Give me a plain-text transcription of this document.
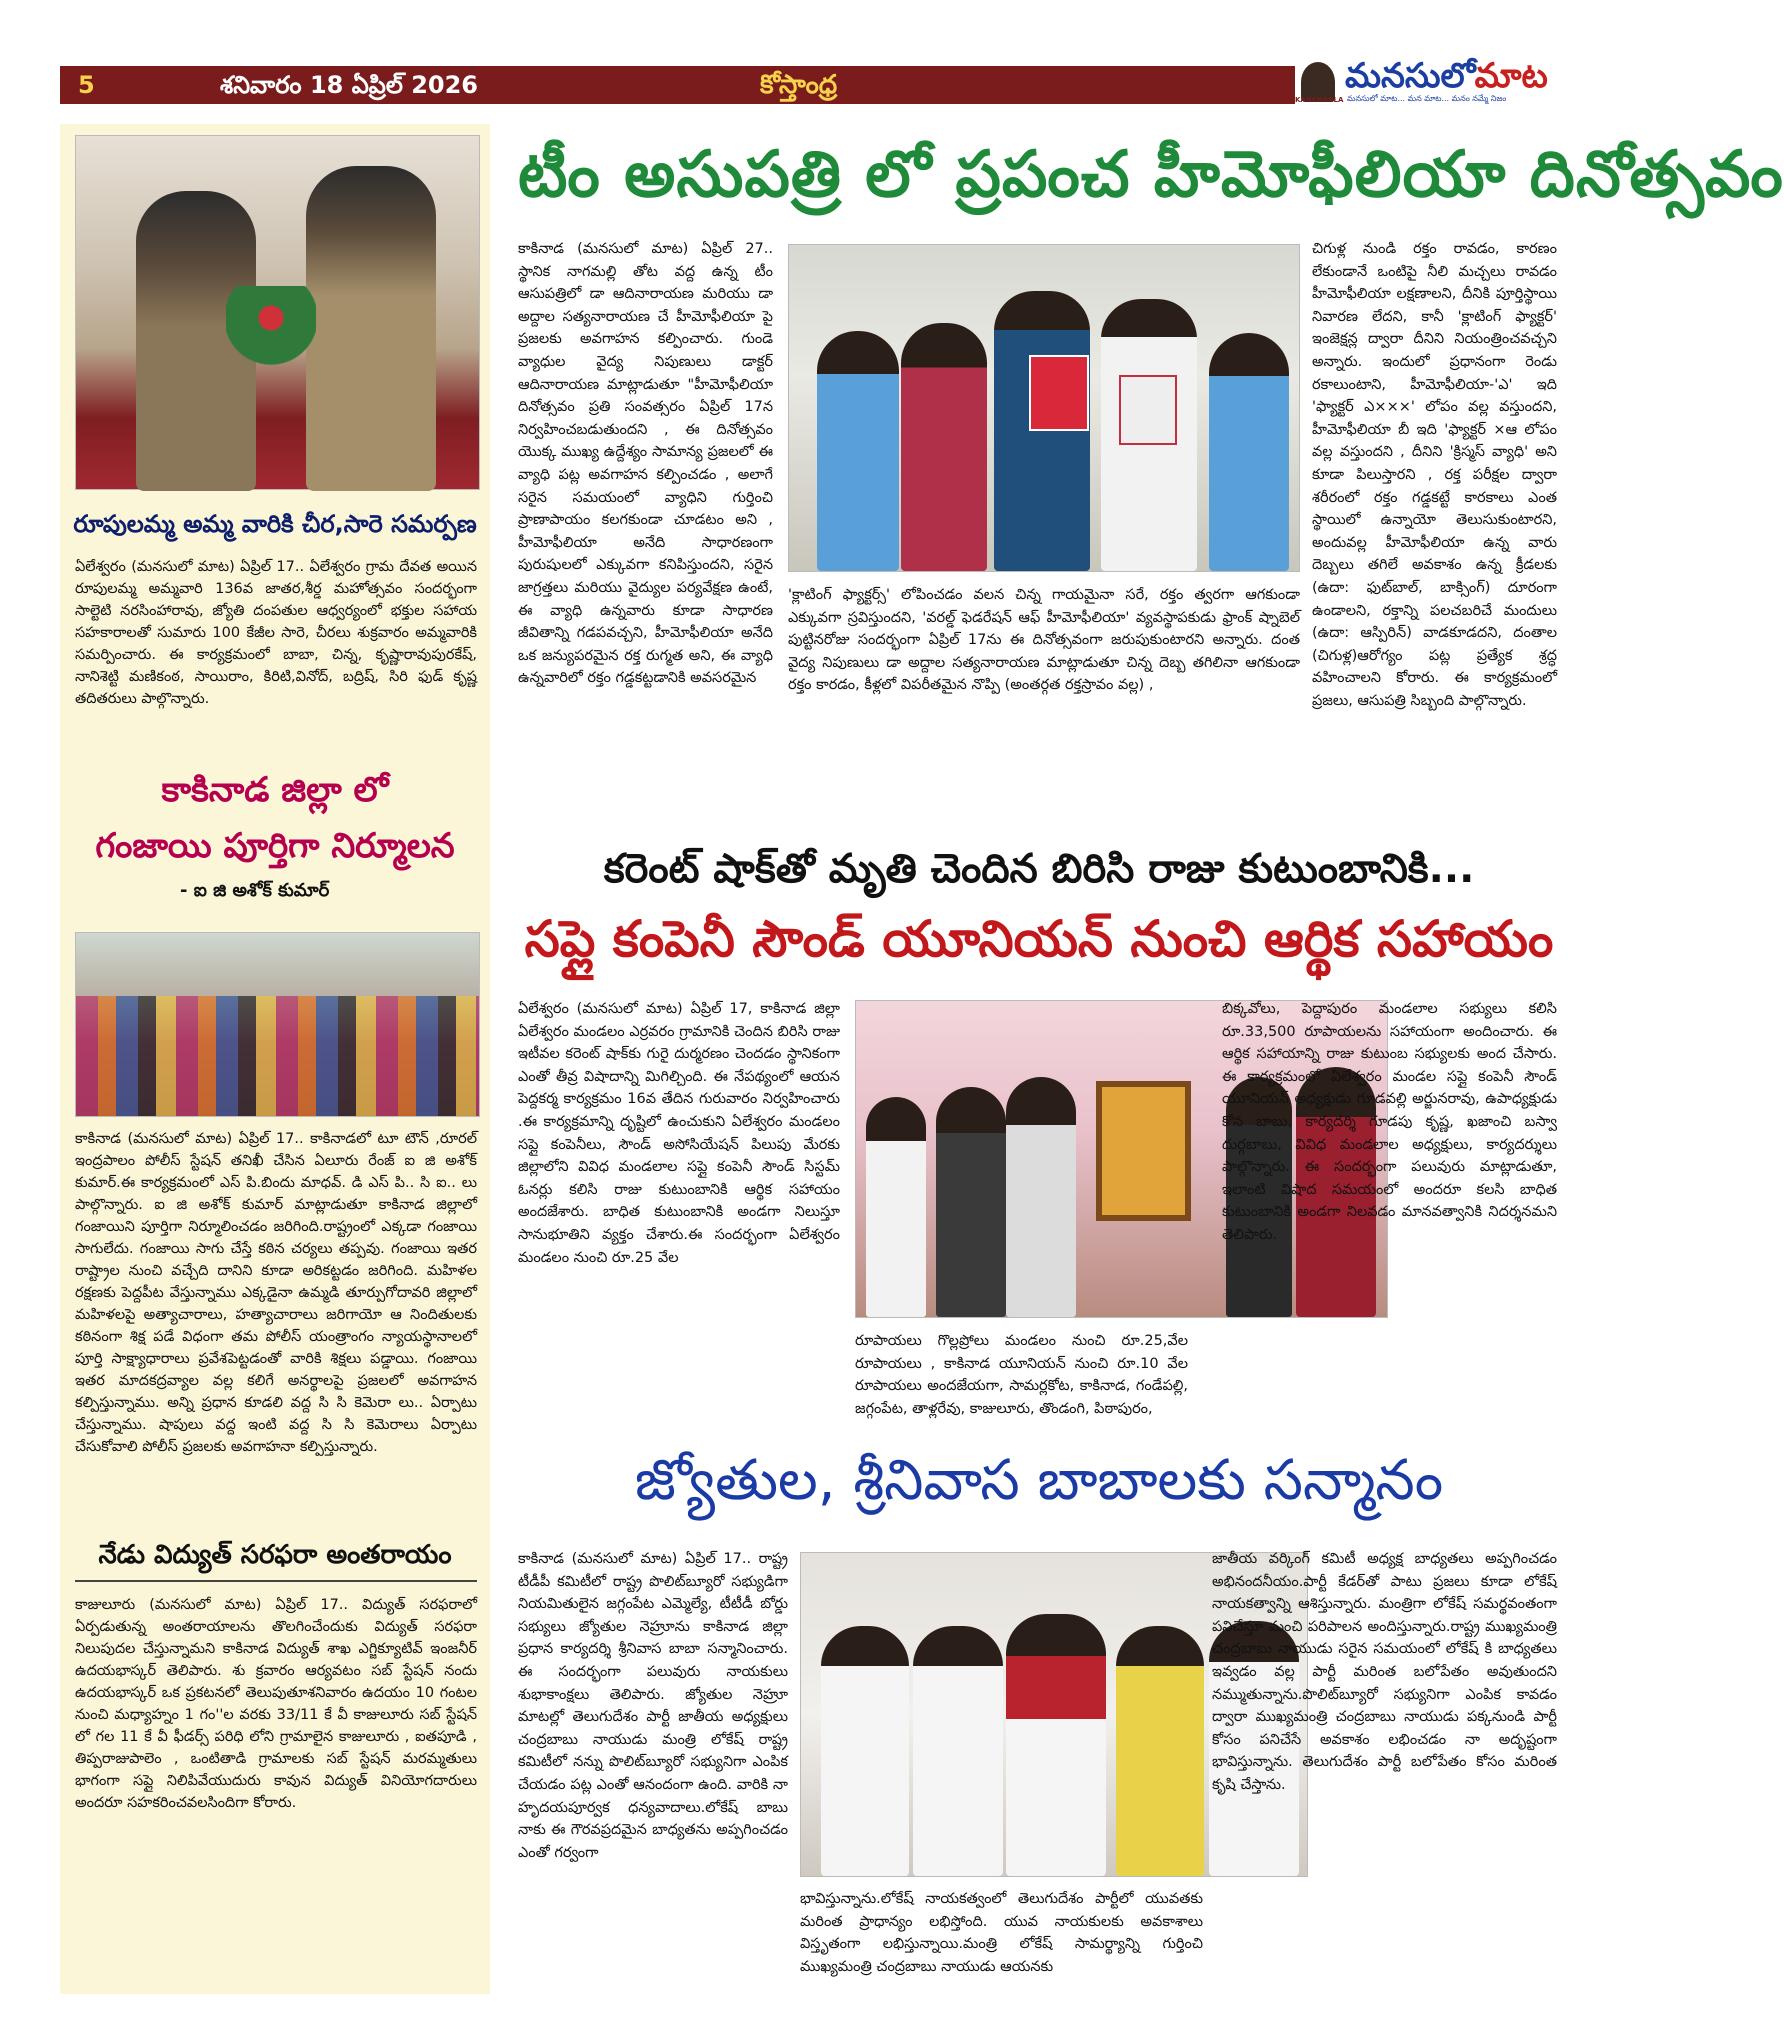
5	శనివారం 18 ఏప్రిల్ 2026	కోస్తాంధ్ర	KANCHARLA
మనసులోమాట
మనసులో మాట... మన మాట... మనం నమ్మే నిజం
రూపులమ్మ అమ్మ వారికి చీర,సారె సమర్పణ
ఏలేశ్వరం (మనసులో మాట) ఏప్రిల్ 17.. ఏలేశ్వరం గ్రామ దేవత అయిన రూపులమ్మ అమ్మవారి 136వ జాతర,శీర్డ మహోత్సవం సందర్భంగా సాల్టెటి నరసింహారావు, జ్యోతి దంపతుల ఆధ్వర్యంలో భక్తుల సహాయ సహకారాలతో సుమారు 100 కేజీల సారె, చీరలు శుక్రవారం అమ్మవారికి సమర్పించారు. ఈ కార్యక్రమంలో బాబా, చిన్న, కృష్ణారావుపురకేష్, నానిశెట్టి మణికంఠ, సాయిరాం, కిరిటి,వినోద్, బద్రిష్, సిరి ఫుడ్ కృష్ణ తదితరులు పాల్గొన్నారు.
కాకినాడ జిల్లా లో
గంజాయి పూర్తిగా నిర్మూలన
- ఐ జి అశోక్ కుమార్
కాకినాడ (మనసులో మాట) ఏప్రిల్ 17.. కాకినాడలో టూ టౌన్ ,రూరల్ ఇంద్రపాలం పోలీస్ స్టేషన్ తనిఖీ చేసిన ఏలూరు రేంజ్ ఐ జి అశోక్ కుమార్.ఈ కార్యక్రమంలో ఎస్ పి.బిందు మాధవ్. డి ఎస్ పి.. సి ఐ.. లు పాల్గొన్నారు. ఐ జి అశోక్ కుమార్ మాట్లాడుతూ కాకినాడ జిల్లాలో గంజాయిని పూర్తిగా నిర్మూలించడం జరిగింది.రాష్ట్రంలో ఎక్కడా గంజాయి సాగులేదు. గంజాయి సాగు చేస్తే కఠిన చర్యలు తప్పవు. గంజాయి ఇతర రాష్ట్రాల నుంచి వచ్చేది దానిని కూడా అరికట్టడం జరిగింది. మహిళల రక్షణకు పెద్దపీట వేస్తున్నాము ఎక్కడైనా ఉమ్మడి తూర్పుగోదావరి జిల్లాలో మహిళలపై అత్యాచారాలు, హత్యాచారాలు జరిగాయో ఆ నిందితులకు కఠినంగా శిక్ష పడే విధంగా తమ పోలీస్ యంత్రాంగం న్యాయస్థానాలలో పూర్తి సాక్ష్యాధారాలు ప్రవేశపెట్టడంతో వారికి శిక్షలు పడ్డాయి. గంజాయి ఇతర మాదకద్రవ్యాల వల్ల కలిగే అనర్థాలపై ప్రజలలో అవగాహన కల్పిస్తున్నాము. అన్ని ప్రధాన కూడలి వద్ద సి సి కెమెరా లు.. ఏర్పాటు చేస్తున్నాము. షాపులు వద్ద ఇంటి వద్ద సి సి కెమెరాలు ఏర్పాటు చేసుకోవాలి పోలీస్ ప్రజలకు అవగాహనా కల్పిస్తున్నారు.
నేడు విద్యుత్ సరఫరా అంతరాయం
కాజులూరు (మనసులో మాట) ఏప్రిల్ 17.. విద్యుత్ సరఫరాలో ఏర్పడుతున్న అంతరాయాలను తొలగించేందుకు విద్యుత్ సరఫరా నిలుపుదల చేస్తున్నామని కాకినాడ విద్యుత్ శాఖ ఎగ్జిక్యూటివ్ ఇంజనీర్ ఉదయభాస్కర్ తెలిపారు. శు క్రవారం ఆర్యవటం సబ్ స్టేషన్ నందు ఉదయభాస్కర్ ఒక ప్రకటనలో తెలుపుతూశనివారం ఉదయం 10 గంటల నుంచి మధ్యాహ్నం 1 గం''ల వరకు 33/11 కే వీ కాజులూరు సబ్ స్టేషన్ లో గల 11 కే వీ ఫీడర్స్ పరిధి లోని గ్రామాలైన కాజులూరు , ఐతపూడి , తిప్పరాజుపాలెం , ఒంటితాడి గ్రామాలకు సబ్ స్టేషన్ మరమ్మతులు భాగంగా సప్లై నిలిపివేయుదురు కావున విద్యుత్ వినియోగదారులు అందరూ సహకరించవలసిందిగా కోరారు.
టీం అసుపత్రి లో ప్రపంచ హీమోఫీలియా దినోత్సవం
కాకినాడ (మనసులో మాట) ఏప్రిల్ 27.. స్థానిక నాగమల్లి తోట వద్ద ఉన్న టీం ఆసుపత్రిలో డా ఆదినారాయణ మరియు డా అద్దాల సత్యనారాయణ చే హీమోఫీలియా పై ప్రజలకు అవగాహన కల్పించారు. గుండె వ్యాధుల వైద్య నిపుణులు డాక్టర్ ఆదినారాయణ మాట్లాడుతూ "హీమోఫీలియా దినోత్సవం ప్రతి సంవత్సరం ఏప్రిల్ 17న నిర్వహించబడుతుందని , ఈ దినోత్సవం యొక్క ముఖ్య ఉద్దేశ్యం సామాన్య ప్రజలలో ఈ వ్యాధి పట్ల అవగాహన కల్పించడం , అలాగే సరైన సమయంలో వ్యాధిని గుర్తించి ప్రాణాపాయం కలగకుండా చూడటం అని , హీమోఫీలియా అనేది సాధారణంగా పురుషులలో ఎక్కువగా కనిపిస్తుందని, సరైన జాగ్రత్తలు మరియు వైద్యుల పర్యవేక్షణ ఉంటే, ఈ వ్యాధి ఉన్నవారు కూడా సాధారణ జీవితాన్ని గడపవచ్చని, హీమోఫీలియా అనేది ఒక జన్యుపరమైన రక్త రుగ్మత అని, ఈ వ్యాధి ఉన్నవారిలో రక్తం గడ్డకట్టడానికి అవసరమైన
'క్లాటింగ్ ఫ్యాక్టర్స్' లోపించడం వలన చిన్న గాయమైనా సరే, రక్తం త్వరగా ఆగకుండా ఎక్కువగా స్రవిస్తుందని, 'వరల్డ్ ఫెడరేషన్ ఆఫ్ హీమోఫీలియా' వ్యవస్థాపకుడు ఫ్రాంక్ ష్నాబెల్ పుట్టినరోజు సందర్భంగా ఏప్రిల్ 17ను ఈ దినోత్సవంగా జరుపుకుంటారని అన్నారు. దంత వైద్య నిపుణులు డా అద్దాల సత్యనారాయణ మాట్లాడుతూ చిన్న దెబ్బ తగిలినా ఆగకుండా రక్తం కారడం, కీళ్లలో విపరీతమైన నొప్పి (అంతర్గత రక్తస్రావం వల్ల) ,
చిగుళ్ల నుండి రక్తం రావడం, కారణం లేకుండానే ఒంటిపై నీలి మచ్చలు రావడం హీమోఫీలియా లక్షణాలని, దీనికి పూర్తిస్థాయి నివారణ లేదని, కానీ 'క్లాటింగ్ ఫ్యాక్టర్' ఇంజెక్షన్ల ద్వారా దీనిని నియంత్రించవచ్చని అన్నారు. ఇందులో ప్రధానంగా రెండు రకాలుంటాని, హీమోఫీలియా-'ఎ' ఇది 'ఫ్యాక్టర్ ఎ×××' లోపం వల్ల వస్తుందని, హీమోఫీలియా బీ ఇది 'ఫ్యాక్టర్ ×ఆ లోపం వల్ల వస్తుందని , దీనిని 'క్రిస్మస్ వ్యాధి' అని కూడా పిలుస్తారని , రక్త పరీక్షల ద్వారా శరీరంలో రక్తం గడ్డకట్టే కారకాలు ఎంత స్థాయిలో ఉన్నాయో తెలుసుకుంటారని, అందువల్ల హీమోఫీలియా ఉన్న వారు దెబ్బలు తగిలే అవకాశం ఉన్న క్రీడలకు (ఉదా: ఫుట్‌బాల్, బాక్సింగ్) దూరంగా ఉండాలని, రక్తాన్ని పలచబరిచే మందులు (ఉదా: ఆస్పిరిన్) వాడకూడదని, దంతాల (చిగుళ్ల)ఆరోగ్యం పట్ల ప్రత్యేక శ్రద్ధ వహించాలని కోరారు. ఈ కార్యక్రమంలో ప్రజలు, ఆసుపత్రి సిబ్బంది పాల్గొన్నారు.
కరెంట్ షాక్‌తో మృతి చెందిన బిరిసి రాజు కుటుంబానికి...
సప్లై కంపెనీ సౌండ్ యూనియన్ నుంచి ఆర్థిక సహాయం
ఏలేశ్వరం (మనసులో మాట) ఏప్రిల్ 17, కాకినాడ జిల్లా ఏలేశ్వరం మండలం ఎర్రవరం గ్రామానికి చెందిన బిరిసి రాజు ఇటీవల కరెంట్ షాక్‌కు గురై దుర్మరణం చెందడం స్థానికంగా ఎంతో తీవ్ర విషాదాన్ని మిగిల్చింది. ఈ నేపథ్యంలో ఆయన పెద్దకర్మ కార్యక్రమం 16వ తేదిన గురువారం నిర్వహించారు .ఈ కార్యక్రమాన్ని దృష్టిలో ఉంచుకుని ఏలేశ్వరం మండలం సప్లై కంపెనీలు, సౌండ్ అసోసియేషన్ పిలుపు మేరకు జిల్లాలోని వివిధ మండలాల సప్లై కంపెనీ సౌండ్ సిస్టమ్ ఓనర్లు కలిసి రాజు కుటుంబానికి ఆర్థిక సహాయం అందజేశారు. బాధిత కుటుంబానికి అండగా నిలుస్తూ సానుభూతిని వ్యక్తం చేశారు.ఈ సందర్భంగా ఏలేశ్వరం మండలం నుంచి రూ.25 వేల
రూపాయలు గొల్లప్రోలు మండలం నుంచి రూ.25,వేల రూపాయలు , కాకినాడ యూనియన్ నుంచి రూ.10 వేల రూపాయలు అందజేయగా, సామర్లకోట, కాకినాడ, గండేపల్లి, జగ్గంపేట, తాళ్లరేవు, కాజులూరు, తొండంగి, పిఠాపురం,
బిక్కవోలు, పెద్దాపురం మండలాల సభ్యులు కలిసి రూ.33,500 రూపాయలను సహాయంగా అందించారు. ఈ ఆర్థిక సహాయాన్ని రాజు కుటుంబ సభ్యులకు అంద చేసారు. ఈ కార్యక్రమంలో ఏలేశ్వరం మండల సప్లై కంపెనీ సౌండ్ యూనియన్ అధ్యక్షుడు గూడవల్లి అర్జునరావు, ఉపాధ్యక్షుడు కోన బాబు, కార్యదర్శి గూడపు కృష్ణ, ఖజాంచి బస్వా దుర్గబాబు, వివిధ మండలాల అధ్యక్షులు, కార్యదర్శులు పాల్గొన్నారు. ఈ సందర్భంగా పలువురు మాట్లాడుతూ, ఇలాంటి విషాద సమయంలో అందరూ కలసి బాధిత కుటుంబానికి అండగా నిలవడం మానవత్వానికి నిదర్శనమని తెలిపారు.
జ్యోతుల, శ్రీనివాస బాబాలకు సన్మానం
కాకినాడ (మనసులో మాట) ఏప్రిల్ 17.. రాష్ట్ర టీడీపీ కమిటీలో రాష్ట్ర పొలిట్‌బ్యూరో సభ్యుడిగా నియమితులైన జగ్గంపేట ఎమ్మెల్యే, టీటీడీ బోర్డు సభ్యులు జ్యోతుల నెహ్రూను కాకినాడ జిల్లా ప్రధాన కార్యదర్శి శ్రీనివాస బాబా సన్మానించారు. ఈ సందర్భంగా పలువురు నాయకులు శుభాకాంక్షలు తెలిపారు. జ్యోతుల నెహ్రూ మాటల్లో తెలుగుదేశం పార్టీ జాతీయ అధ్యక్షులు చంద్రబాబు నాయుడు మంత్రి లోకేష్ రాష్ట్ర కమిటీలో నన్ను పొలిట్‌బ్యూరో సభ్యునిగా ఎంపిక చేయడం పట్ల ఎంతో ఆనందంగా ఉంది. వారికి నా హృదయపూర్వక ధన్యవాదాలు.లోకేష్ బాబు నాకు ఈ గౌరవప్రదమైన బాధ్యతను అప్పగించడం ఎంతో గర్వంగా
భావిస్తున్నాను.లోకేష్ నాయకత్వంలో తెలుగుదేశం పార్టీలో యువతకు మరింత ప్రాధాన్యం లభిస్తోంది. యువ నాయకులకు అవకాశాలు విస్తృతంగా లభిస్తున్నాయి.మంత్రి లోకేష్ సామర్థ్యాన్ని గుర్తించి ముఖ్యమంత్రి చంద్రబాబు నాయుడు ఆయనకు
జాతీయ వర్కింగ్ కమిటీ అధ్యక్ష బాధ్యతలు అప్పగించడం అభినందనీయం.పార్టీ కేడర్‌తో పాటు ప్రజలు కూడా లోకేష్ నాయకత్వాన్ని ఆశిస్తున్నారు. మంత్రిగా లోకేష్ సమర్థవంతంగా పనిచేస్తూ మంచి పరిపాలన అందిస్తున్నారు.రాష్ట్ర ముఖ్యమంత్రి చంద్రబాబు నాయుడు సరైన సమయంలో లోకేష్ కి బాధ్యతలు ఇవ్వడం వల్ల పార్టీ మరింత బలోపేతం అవుతుందని నమ్ముతున్నాను.పొలిట్‌బ్యూరో సభ్యునిగా ఎంపిక కావడం ద్వారా ముఖ్యమంత్రి చంద్రబాబు నాయుడు పక్కనుండి పార్టీ కోసం పనిచేసే అవకాశం లభించడం నా అదృష్టంగా భావిస్తున్నాను. తెలుగుదేశం పార్టీ బలోపేతం కోసం మరింత కృషి చేస్తాను.
